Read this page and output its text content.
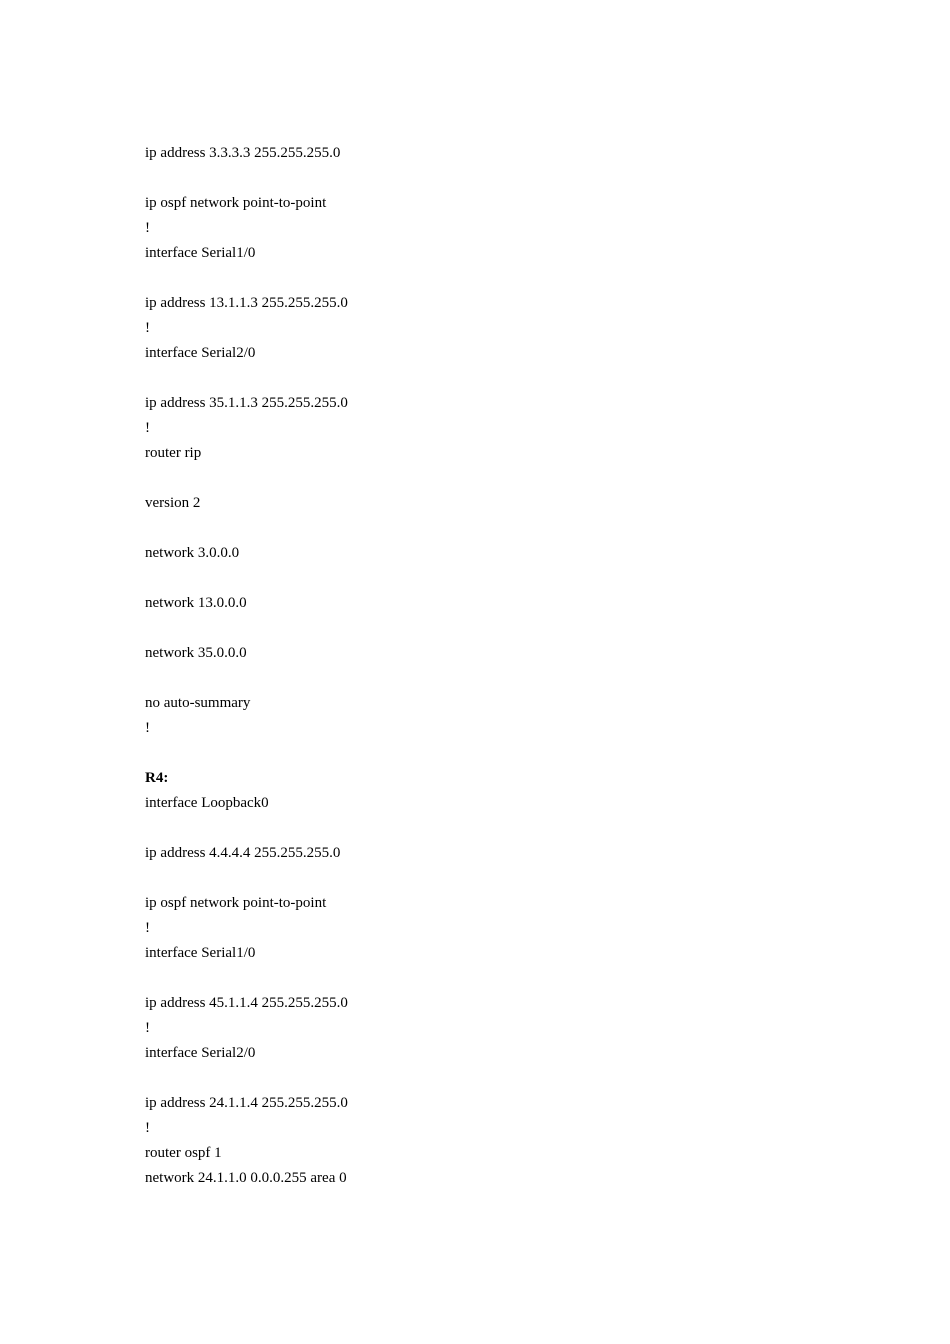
ip address 3.3.3.3 255.255.255.0
ip ospf network point-to-point
!
interface Serial1/0
ip address 13.1.1.3 255.255.255.0
!
interface Serial2/0
ip address 35.1.1.3 255.255.255.0
!
router rip
version 2
network 3.0.0.0
network 13.0.0.0
network 35.0.0.0
no auto-summary
!
R4:
interface Loopback0
ip address 4.4.4.4 255.255.255.0
ip ospf network point-to-point
!
interface Serial1/0
ip address 45.1.1.4 255.255.255.0
!
interface Serial2/0
ip address 24.1.1.4 255.255.255.0
!
router ospf 1
network 24.1.1.0 0.0.0.255 area 0
